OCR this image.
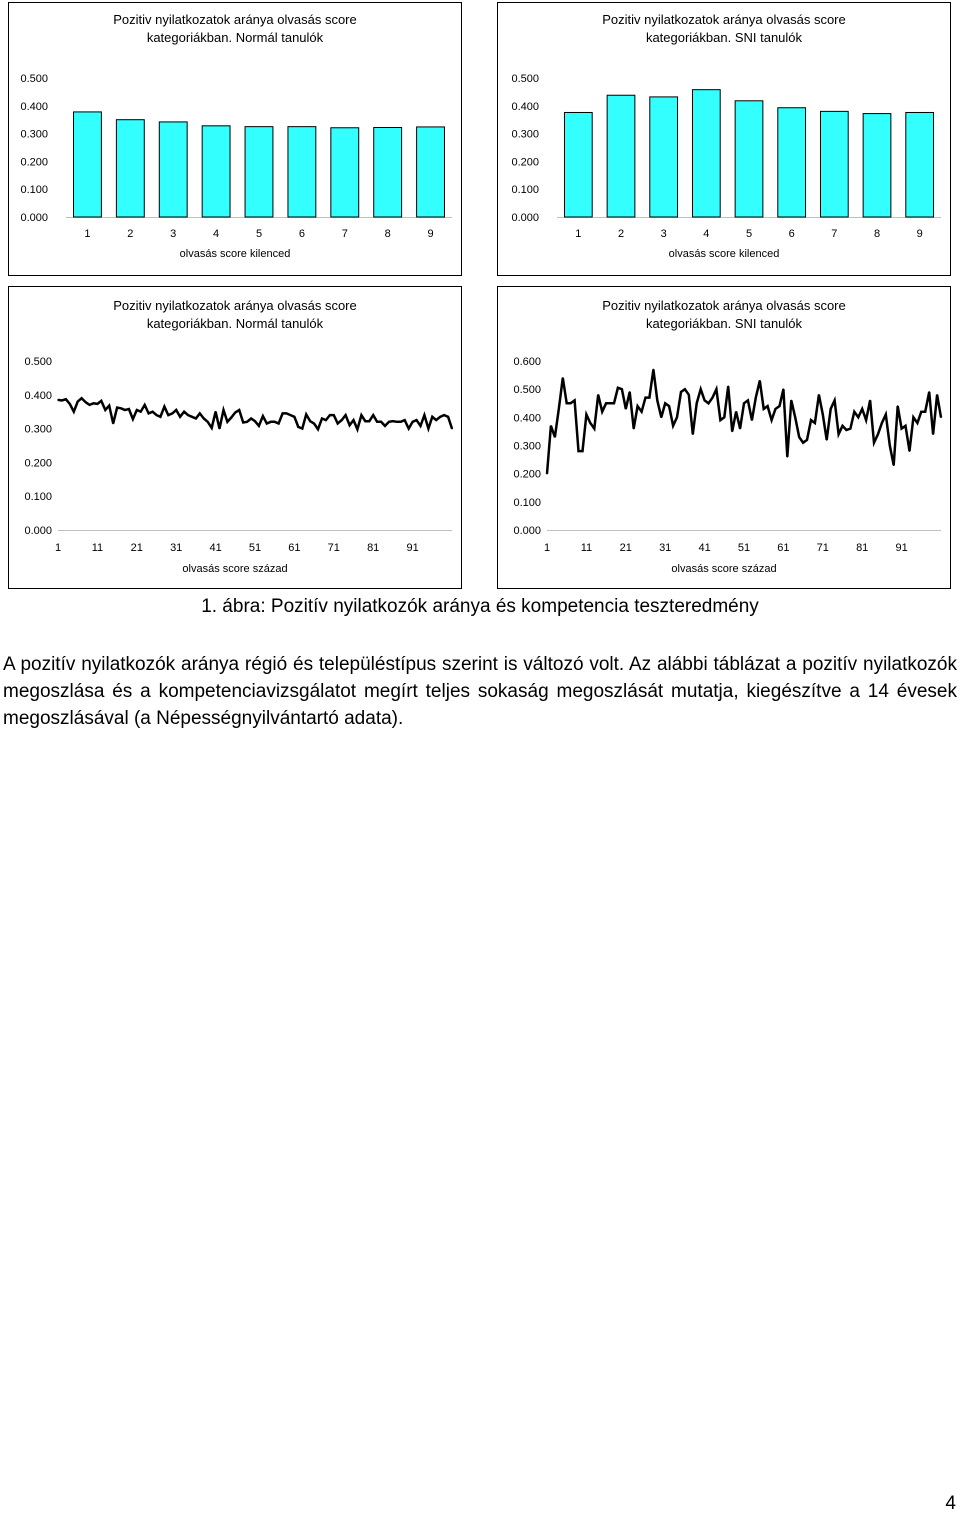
Pozitiv nyilatkozatok aránya olvasás score
kategoriákban. Normál tanulók
0.000
0.100
0.200
0.300
0.400
0.500
1	2	3	4	5	6	7	8	9
olvasás score kilenced
Pozitiv nyilatkozatok aránya olvasás score
kategoriákban. SNI tanulók
0.000
0.100
0.200
0.300
0.400
0.500
1	2	3	4	5	6	7	8	9
olvasás score kilenced
Pozitiv nyilatkozatok aránya olvasás score
kategoriákban. Normál tanulók
0.000
0.100
0.200
0.300
0.400
0.500
1	11	21 31 41 51 61 71 81 91
olvasás score század
Pozitiv nyilatkozatok aránya olvasás score
kategoriákban. SNI tanulók
0.000
0.100
0.200
0.300
0.400
0.500
0.600
1	11	21 31 41 51 61 71 81 91
olvasás score század
1. ábra: Pozitív nyilatkozók aránya és kompetencia teszteredmény
A pozitív nyilatkozók aránya régió és településtípus szerint is változó volt. Az alábbi táblázat a pozitív nyilatkozók megoszlása és a kompetenciavizsgálatot megírt teljes sokaság megoszlását mutatja, kiegészítve a 14 évesek megoszlásával (a Népességnyilvántartó adata).
4
